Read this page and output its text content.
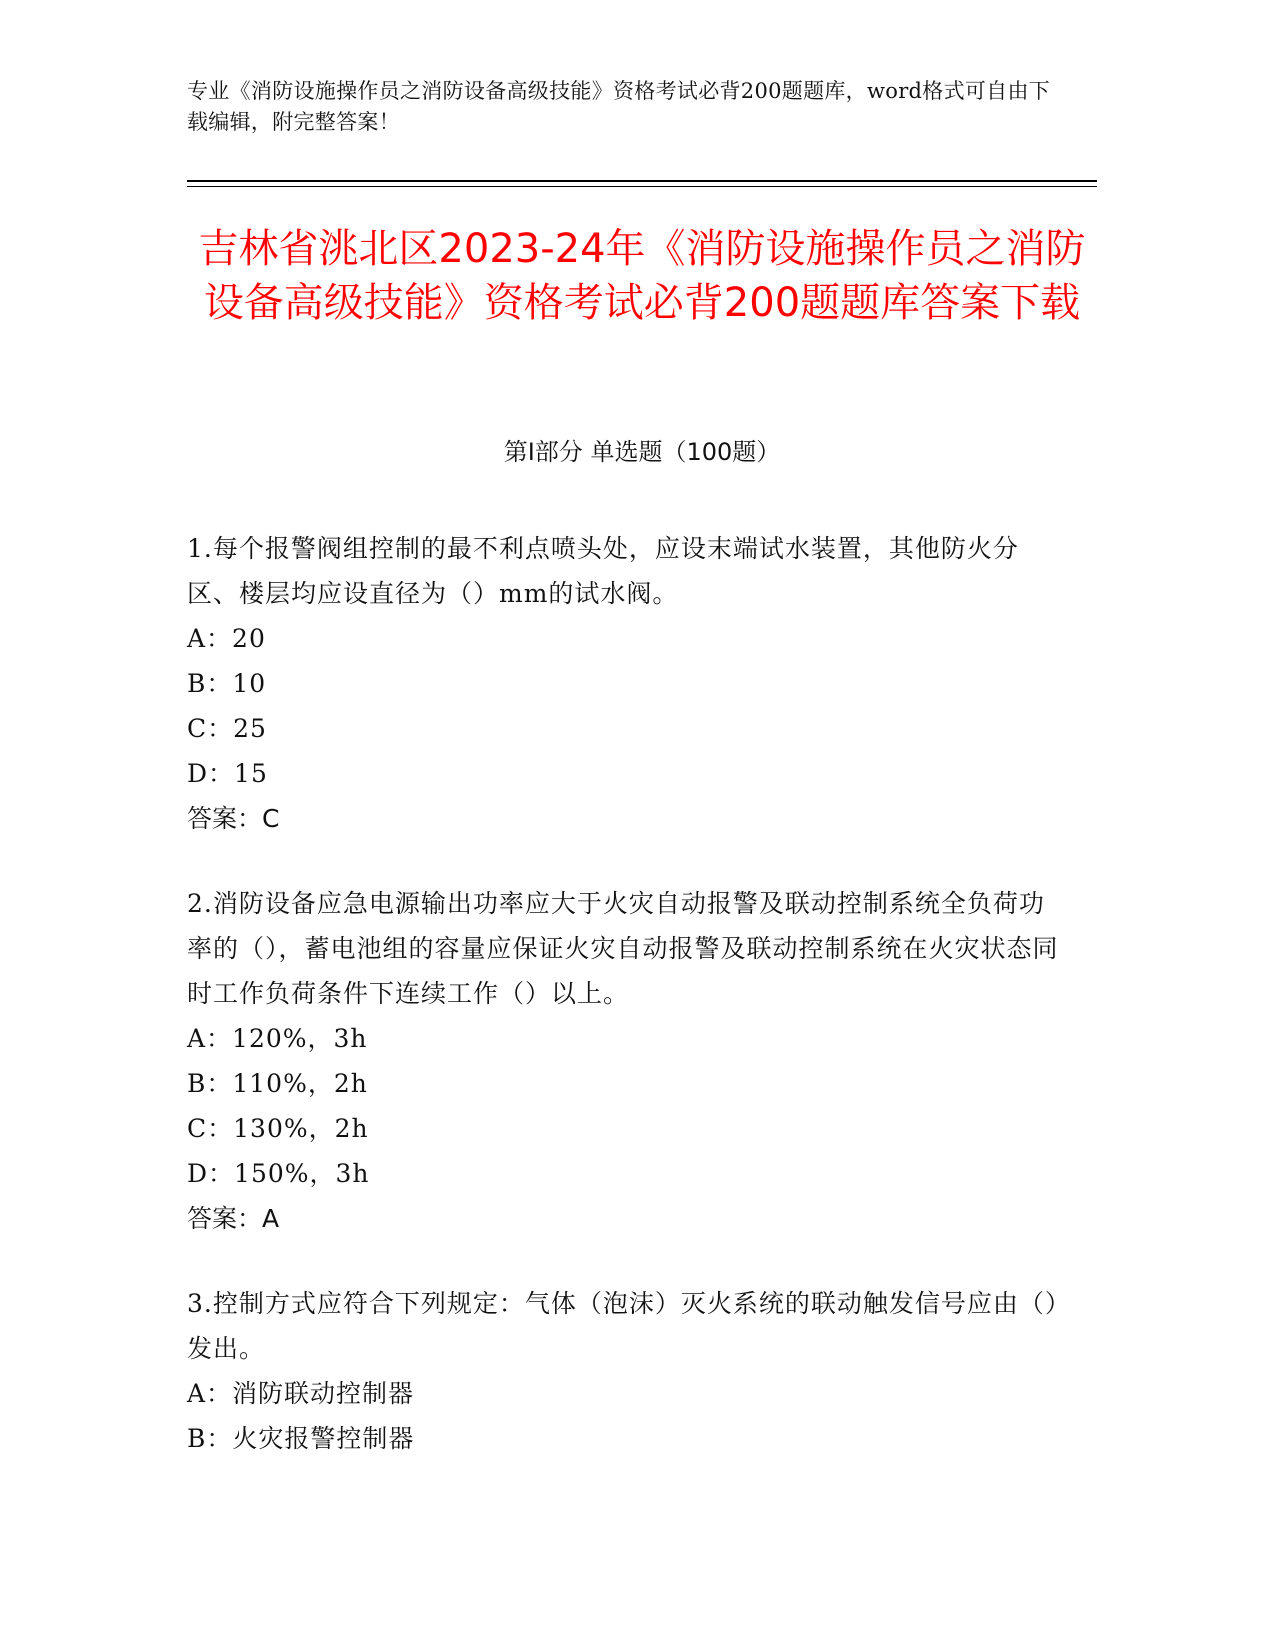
专业《消防设施操作员之消防设备高级技能》资格考试必背200题题库，word格式可自由下载编辑，附完整答案！
吉林省洮北区2023-24年《消防设施操作员之消防设备高级技能》资格考试必背200题题库答案下载
第I部分 单选题（100题）

1.每个报警阀组控制的最不利点喷头处，应设末端试水装置，其他防火分区、楼层均应设直径为（）mm的试水阀。

A：20

B：10

C：25

D：15

答案：C

2.消防设备应急电源输出功率应大于火灾自动报警及联动控制系统全负荷功率的（），蓄电池组的容量应保证火灾自动报警及联动控制系统在火灾状态同时工作负荷条件下连续工作（）以上。

A：120%，3h

B：110%，2h

C：130%，2h

D：150%，3h

答案：A

3.控制方式应符合下列规定：气体（泡沫）灭火系统的联动触发信号应由（）发出。

A：消防联动控制器

B：火灾报警控制器
